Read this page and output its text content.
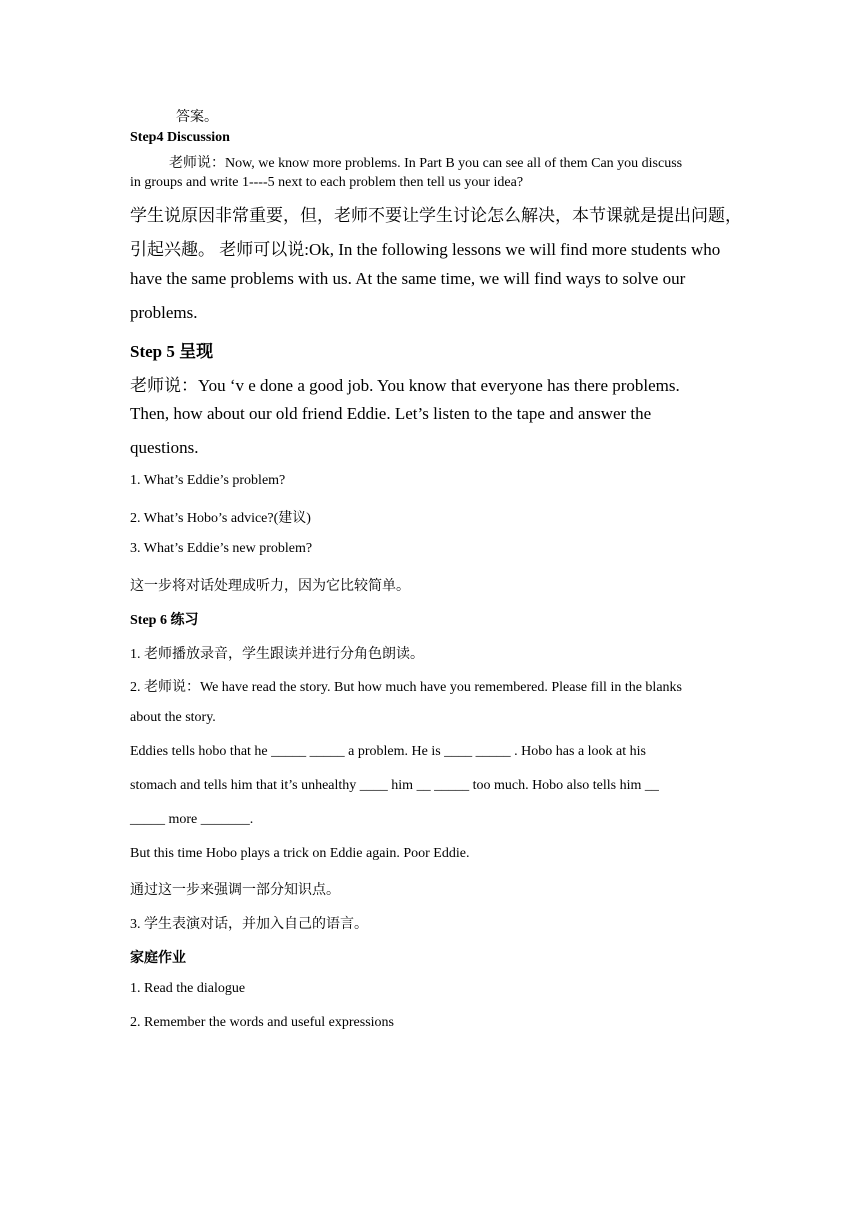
答案。
Step4 Discussion
老师说：Now, we know more problems. In Part B you can see all of them Can you discuss
in groups and write 1----5 next to each problem then tell us your idea?
学生说原因非常重要，但，老师不要让学生讨论怎么解决，本节课就是提出问题，
引起兴趣。 老师可以说:Ok, In the following lessons we will find more students who
have the same problems with us. At the same time, we will find ways to solve our
problems.
Step 5 呈现
老师说：You ‘v e done a good job. You know that everyone has there problems.
Then, how about our old friend Eddie. Let’s listen to the tape and answer the
questions.
1. What’s Eddie’s problem?
2. What’s Hobo’s advice?(建议)
3. What’s Eddie’s new problem?
这一步将对话处理成听力，因为它比较简单。
Step 6 练习
1. 老师播放录音，学生跟读并进行分角色朗读。
2. 老师说：We have read the story. But how much have you remembered. Please fill in the blanks
about the story.
Eddies tells hobo that he _____ _____ a problem. He is ____ _____ . Hobo has a look at his
stomach and tells him that it’s unhealthy ____ him __ _____ too much. Hobo also tells him __
_____ more _______.
But this time Hobo plays a trick on Eddie again. Poor Eddie.
通过这一步来强调一部分知识点。
3. 学生表演对话，并加入自己的语言。
家庭作业
1. Read the dialogue
2. Remember the words and useful expressions
